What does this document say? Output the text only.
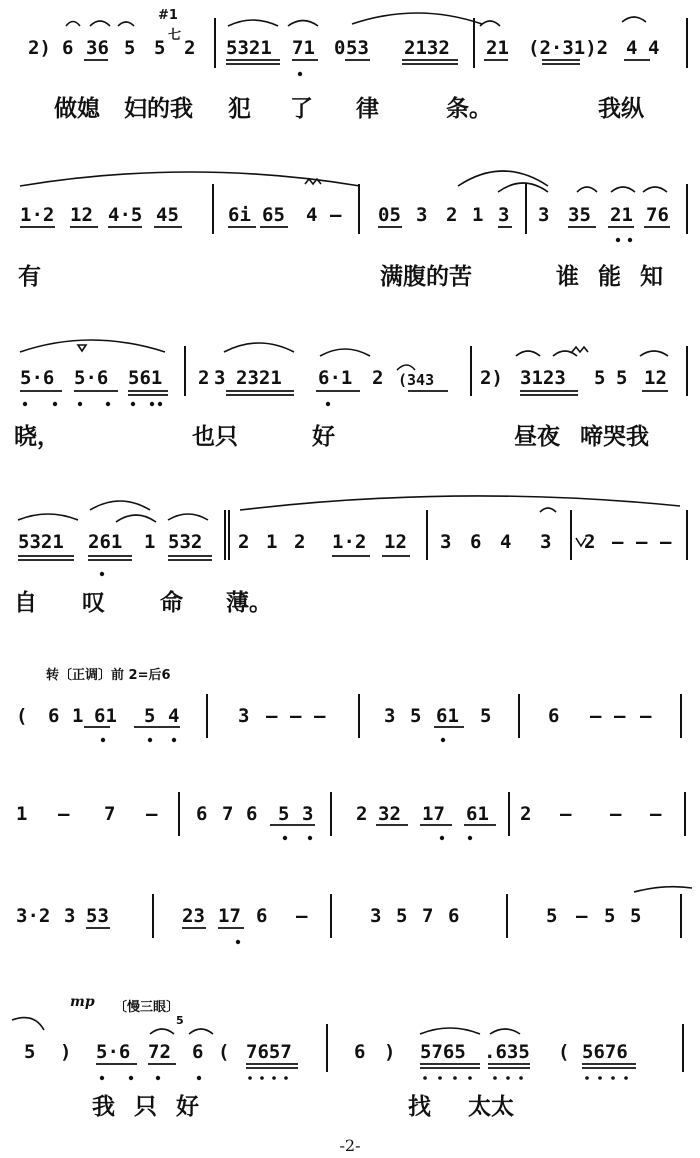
2) 6 36 5 5
#1
七
2 5321 71 0 53 2132 21 (2·31)2 4 4
做媳 妇的我 犯 了 律	条。	我纵
1·2 12 4·5 45	6i 65 4 – 05 3 2 1 3 3 35 21 76
有	满腹的苦	谁 能 知
5·6 5·6 561 2 3 2321 6·1 2 (343 2) 3123 5 5 12
晓，	也只	好	昼夜 啼哭我
5321 261 1 532 2 1 2 1·2 12 3 6 4 3 2 – – –
自 叹 命 薄。
转〔正调〕前 2=后6
( 6 1 61 5 4	3 – – –	3 5 61 5	6 – – –
1 – 7 – 6 7 6 5 3 2 32 17 61 2 – – –
3·2 3 53	23 17 6 –	3 5 7 6	5 – 5 5
mp 〔慢三眼〕
5
5 ) 5·6 72 6 ( 7657	6 ) 5765 .635 ( 5676
我 只 好	找 太太
-2-
